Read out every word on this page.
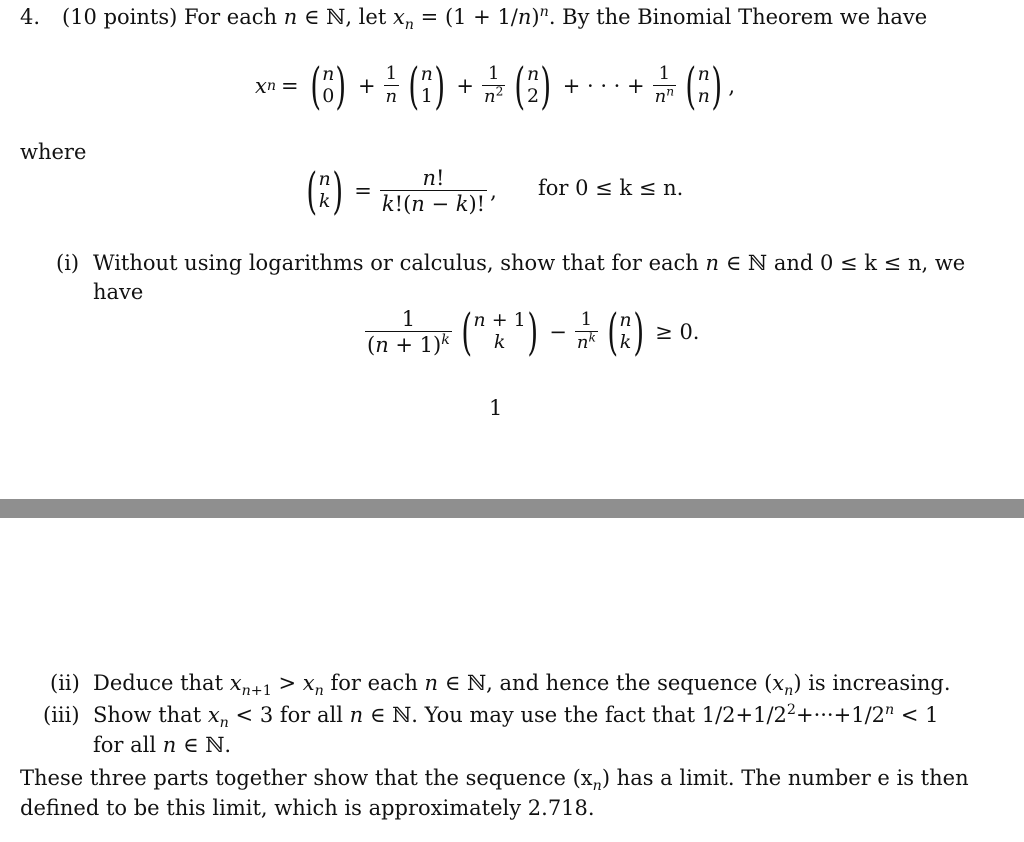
4. (10 points) For each n ∈ ℕ, let $x_n = (1 + 1/n)^n$. By the Binomial Theorem we have
x n = ( n
0 ) + $\frac{1}{n}$ ( n
1 ) + $\frac{1}{n^2}$ ( n
2 ) + · · · + $\frac{1}{n^n}$ ( n
n ) ,
where
( n
k ) = $\frac{n!}{k!(n - k)!}$ , for 0 ≤ k ≤ n.
(i) Without using logarithms or calculus, show that for each n ∈ ℕ and 0 ≤ k ≤ n, we
have
$\frac{1}{(n + 1)^k}$ ( n + 1
k ) − $\frac{1}{n^k}$ ( n
k ) ≥ 0.
1
(ii) Deduce that $x_{n+1} > x_n$ for each n ∈ ℕ, and hence the sequence $(x_n)$ is increasing.
(iii) Show that $x_n < 3$ for all n ∈ ℕ. You may use the fact that $1/2+1/2^2+\cdot\cdot\cdot+1/2^n < 1$
for all n ∈ ℕ.
These three parts together show that the sequence $(x_n)$ has a limit. The number e is then
defined to be this limit, which is approximately 2.718.
